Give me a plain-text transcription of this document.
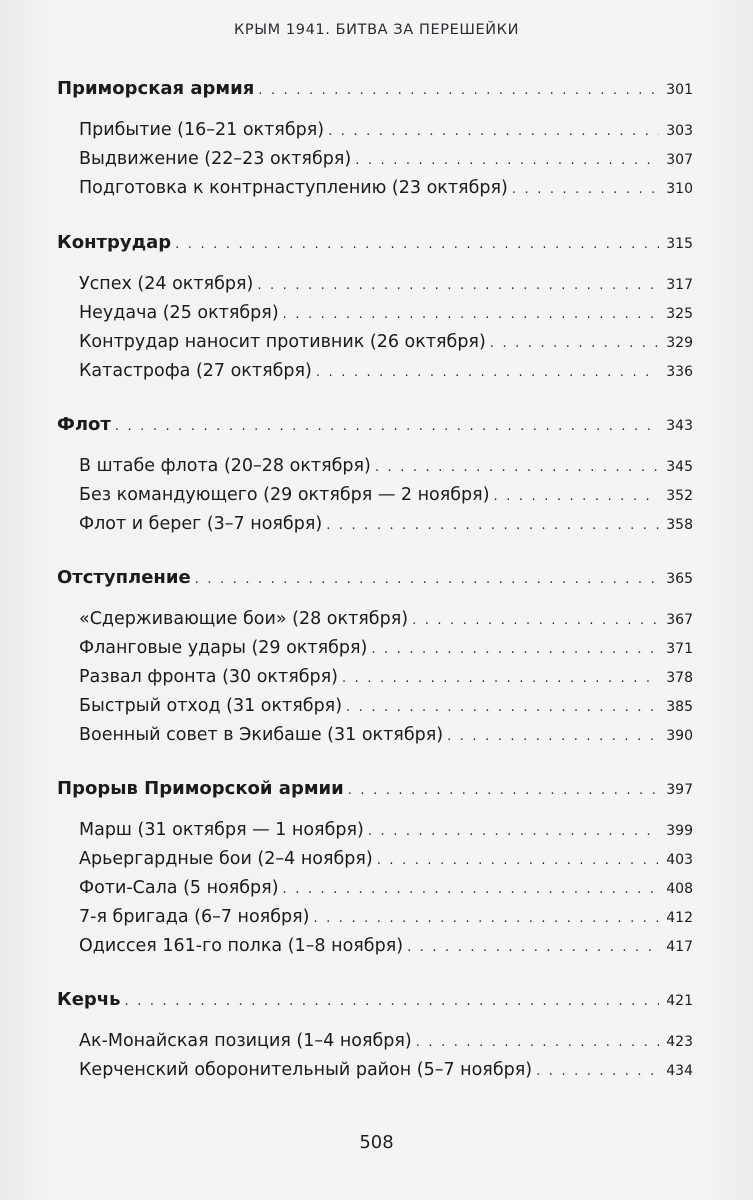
КРЫМ 1941. БИТВА ЗА ПЕРЕШЕЙКИ
Приморская армия . . .	301
Прибытие (16–21 октября) . . .	303
Выдвижение (22–23 октября) . . .	307
Подготовка к контрнаступлению (23 октября) . . .	310
Контрудар . . .	315
Успех (24 октября) . . .	317
Неудача (25 октября) . . .	325
Контрудар наносит противник (26 октября) . . .	329
Катастрофа (27 октября) . . .	336
Флот . . .	343
В штабе флота (20–28 октября) . . .	345
Без командующего (29 октября — 2 ноября) . . .	352
Флот и берег (3–7 ноября) . . .	358
Отступление . . .	365
«Сдерживающие бои» (28 октября) . . .	367
Фланговые удары (29 октября) . . .	371
Развал фронта (30 октября) . . .	378
Быстрый отход (31 октября) . . .	385
Военный совет в Экибаше (31 октября) . . .	390
Прорыв Приморской армии . . .	397
Марш (31 октября — 1 ноября) . . .	399
Арьергардные бои (2–4 ноября) . . .	403
Фоти-Сала (5 ноября) . . .	408
7-я бригада (6–7 ноября) . . .	412
Одиссея 161-го полка (1–8 ноября) . . .	417
Керчь . . .	421
Ак-Монайская позиция (1–4 ноября) . . .	423
Керченский оборонительный район (5–7 ноября) . . .	434
508
